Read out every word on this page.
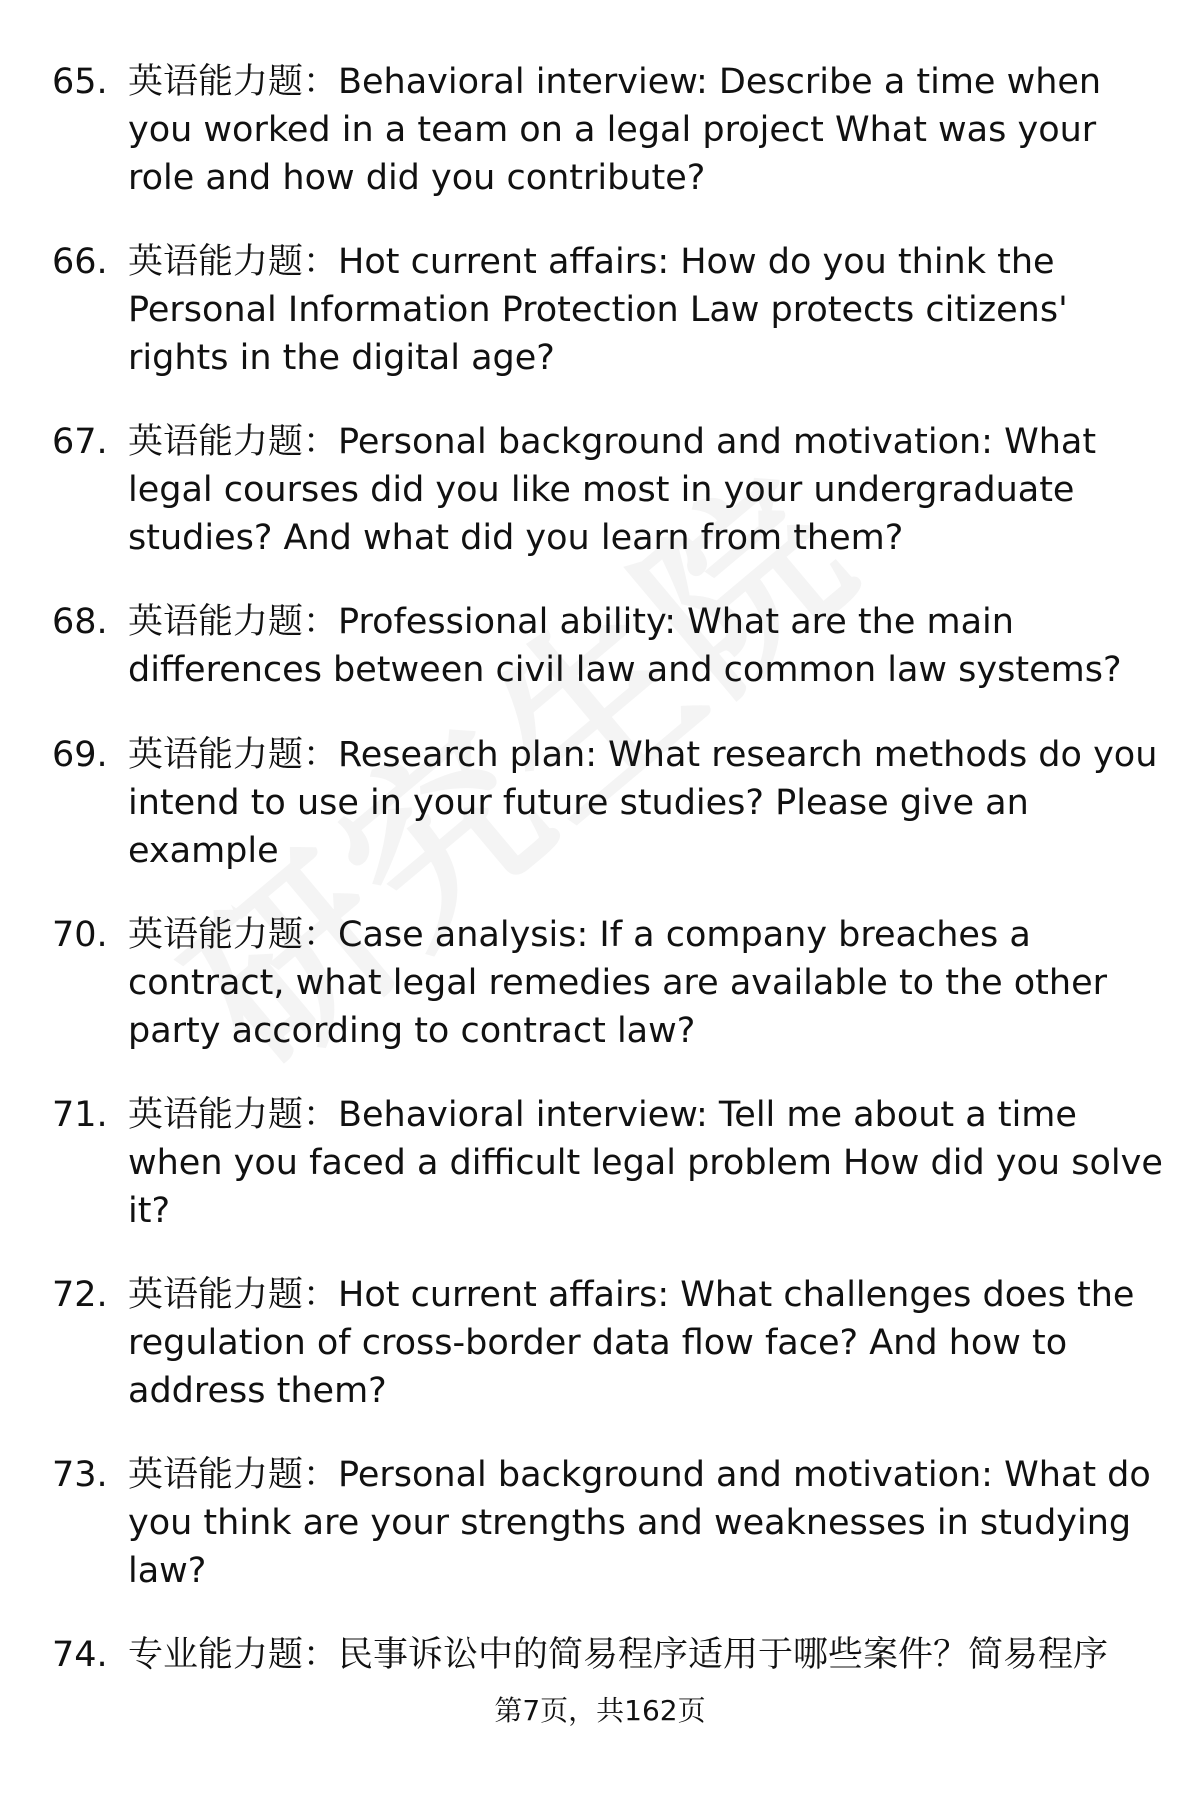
65. 英语能力题：Behavioral interview: Describe a time when
you worked in a team on a legal project What was your
role and how did you contribute?
66. 英语能力题：Hot current affairs: How do you think the
Personal Information Protection Law protects citizens'
rights in the digital age?
67. 英语能力题：Personal background and motivation: What
legal courses did you like most in your undergraduate
studies? And what did you learn from them?
68. 英语能力题：Professional ability: What are the main
differences between civil law and common law systems?
69. 英语能力题：Research plan: What research methods do you
intend to use in your future studies? Please give an
example
70. 英语能力题：Case analysis: If a company breaches a
contract, what legal remedies are available to the other
party according to contract law?
71. 英语能力题：Behavioral interview: Tell me about a time
when you faced a difficult legal problem How did you solve
it?
72. 英语能力题：Hot current affairs: What challenges does the
regulation of cross-border data flow face? And how to
address them?
73. 英语能力题：Personal background and motivation: What do
you think are your strengths and weaknesses in studying
law?
74. 专业能力题：民事诉讼中的简易程序适用于哪些案件？简易程序
第7页，共162页
